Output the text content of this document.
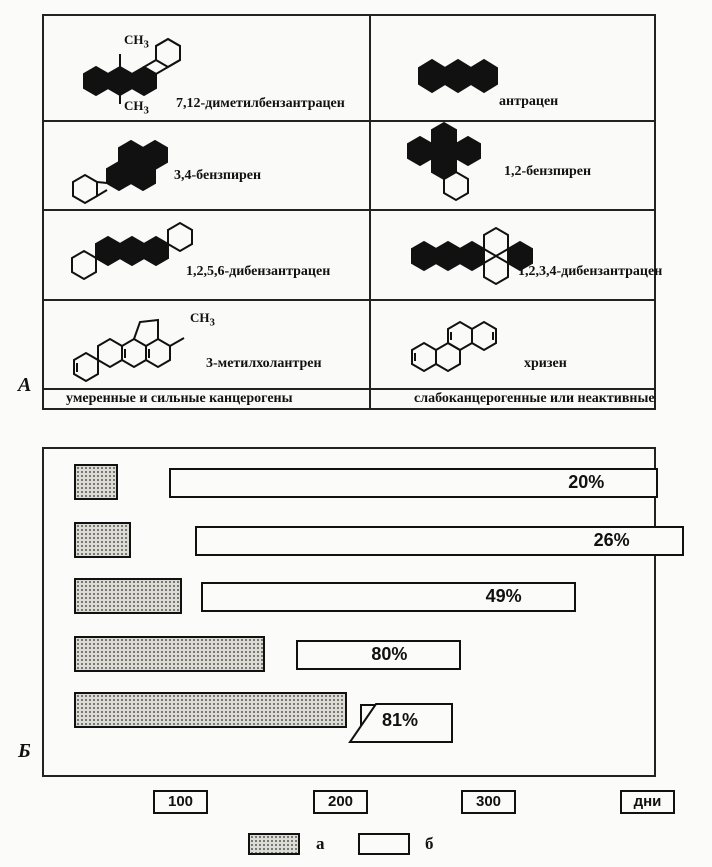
$CH_3$
$CH_3$ 7,12-диметилбензантрацен	антрацен
3,4-бензпирен	1,2-бензпирен
1,2,5,6-дибензантрацен	1,2,3,4-дибензантрацен
$CH_3$
3-метилхолантрен	хризен
умеренные и сильные канцерогены	слабоканцерогенные или неактивные
А
Б
100	200	300	дни
а	б
20%
26%
49%
80%
81%
